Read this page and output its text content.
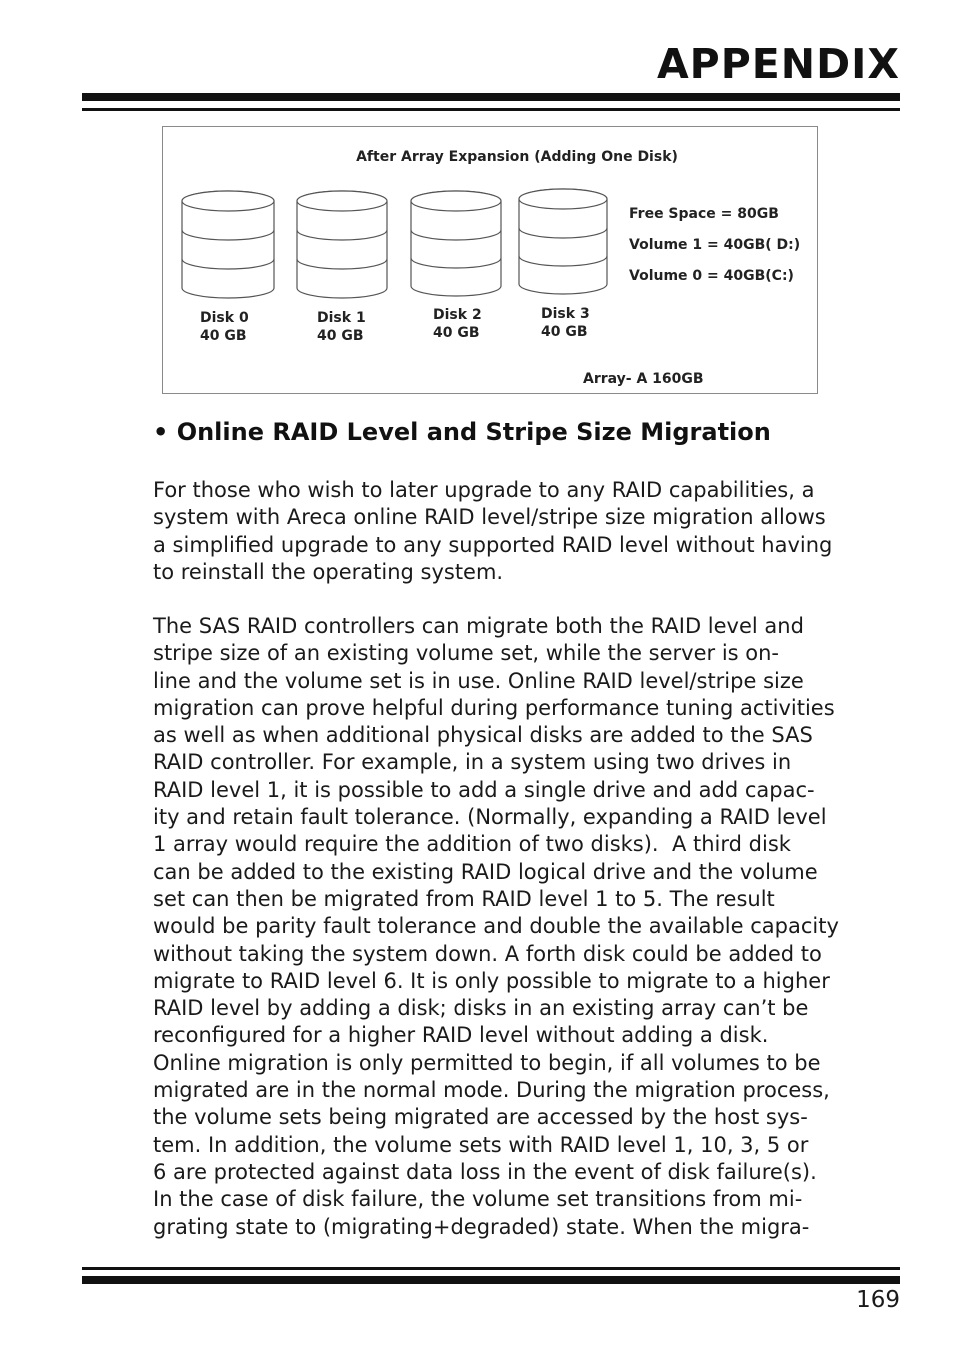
APPENDIX
After Array Expansion (Adding One Disk)
Disk 0
40 GB
Disk 1
40 GB
Disk 2
40 GB
Disk 3
40 GB
Free Space = 80GB
Volume 1 = 40GB( D:)
Volume 0 = 40GB(C:)
Array- A 160GB
• Online RAID Level and Stripe Size Migration

For those who wish to later upgrade to any RAID capabilities, a
system with Areca online RAID level/stripe size migration allows
a simplified upgrade to any supported RAID level without having
to reinstall the operating system.

The SAS RAID controllers can migrate both the RAID level and
stripe size of an existing volume set, while the server is on-
line and the volume set is in use. Online RAID level/stripe size
migration can prove helpful during performance tuning activities
as well as when additional physical disks are added to the SAS
RAID controller. For example, in a system using two drives in
RAID level 1, it is possible to add a single drive and add capac-
ity and retain fault tolerance. (Normally, expanding a RAID level
1 array would require the addition of two disks).  A third disk
can be added to the existing RAID logical drive and the volume
set can then be migrated from RAID level 1 to 5. The result
would be parity fault tolerance and double the available capacity
without taking the system down. A forth disk could be added to
migrate to RAID level 6. It is only possible to migrate to a higher
RAID level by adding a disk; disks in an existing array can’t be
reconfigured for a higher RAID level without adding a disk.
Online migration is only permitted to begin, if all volumes to be
migrated are in the normal mode. During the migration process,
the volume sets being migrated are accessed by the host sys-
tem. In addition, the volume sets with RAID level 1, 10, 3, 5 or
6 are protected against data loss in the event of disk failure(s).
In the case of disk failure, the volume set transitions from mi-
grating state to (migrating+degraded) state. When the migra-

169
